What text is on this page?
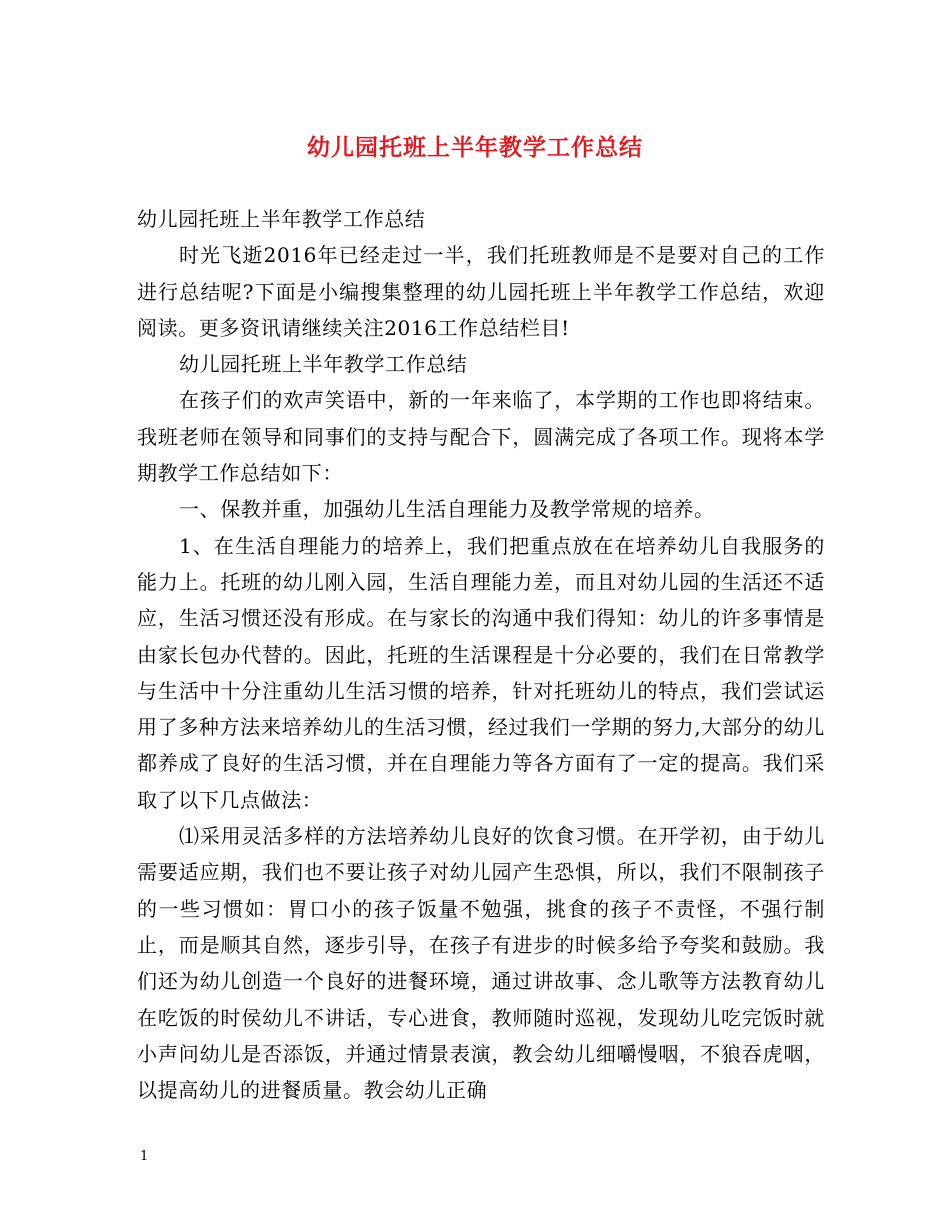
幼儿园托班上半年教学工作总结

幼儿园托班上半年教学工作总结

时光飞逝2016年已经走过一半，我们托班教师是不是要对自己的工作进行总结呢?下面是小编搜集整理的幼儿园托班上半年教学工作总结，欢迎阅读。更多资讯请继续关注2016工作总结栏目!

幼儿园托班上半年教学工作总结

在孩子们的欢声笑语中，新的一年来临了，本学期的工作也即将结束。我班老师在领导和同事们的支持与配合下，圆满完成了各项工作。现将本学期教学工作总结如下：

一、保教并重，加强幼儿生活自理能力及教学常规的培养。

1、在生活自理能力的培养上，我们把重点放在在培养幼儿自我服务的能力上。托班的幼儿刚入园，生活自理能力差，而且对幼儿园的生活还不适应，生活习惯还没有形成。在与家长的沟通中我们得知：幼儿的许多事情是由家长包办代替的。因此，托班的生活课程是十分必要的，我们在日常教学与生活中十分注重幼儿生活习惯的培养，针对托班幼儿的特点，我们尝试运用了多种方法来培养幼儿的生活习惯，经过我们一学期的努力,大部分的幼儿都养成了良好的生活习惯，并在自理能力等各方面有了一定的提高。我们采取了以下几点做法：

⑴采用灵活多样的方法培养幼儿良好的饮食习惯。在开学初，由于幼儿需要适应期，我们也不要让孩子对幼儿园产生恐惧，所以，我们不限制孩子的一些习惯如：胃口小的孩子饭量不勉强，挑食的孩子不责怪，不强行制止，而是顺其自然，逐步引导，在孩子有进步的时候多给予夸奖和鼓励。我们还为幼儿创造一个良好的进餐环境，通过讲故事、念儿歌等方法教育幼儿在吃饭的时侯幼儿不讲话，专心进食，教师随时巡视，发现幼儿吃完饭时就小声问幼儿是否添饭，并通过情景表演，教会幼儿细嚼慢咽，不狼吞虎咽，以提高幼儿的进餐质量。教会幼儿正确

1
